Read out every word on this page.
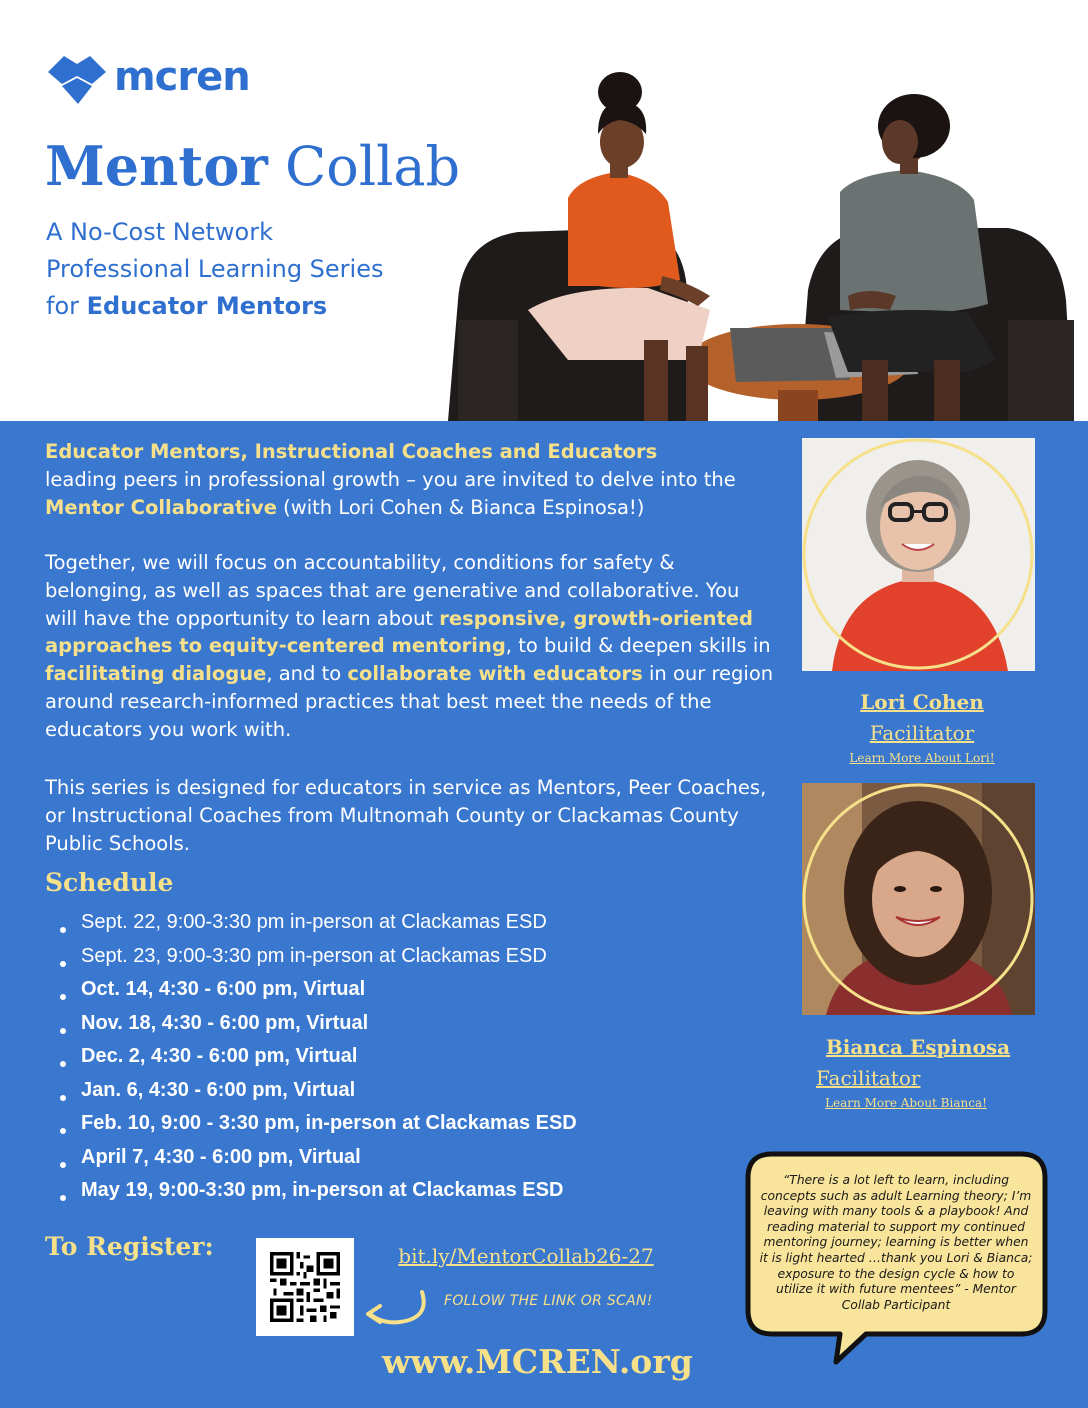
mcren
Mentor Collab
A No-Cost Network
Professional Learning Series
for Educator Mentors
Educator Mentors, Instructional Coaches and Educators
leading peers in professional growth – you are invited to delve into the Mentor Collaborative (with Lori Cohen & Bianca Espinosa!)
Together, we will focus on accountability, conditions for safety & belonging, as well as spaces that are generative and collaborative. You will have the opportunity to learn about responsive, growth-oriented approaches to equity-centered mentoring, to build & deepen skills in facilitating dialogue, and to collaborate with educators in our region around research-informed practices that best meet the needs of the educators you work with.
This series is designed for educators in service as Mentors, Peer Coaches, or Instructional Coaches from Multnomah County or Clackamas County Public Schools.
Schedule
Sept. 22, 9:00-3:30 pm in-person at Clackamas ESD
Sept. 23, 9:00-3:30 pm in-person at Clackamas ESD
Oct. 14, 4:30 - 6:00 pm, Virtual
Nov. 18, 4:30 - 6:00 pm, Virtual
Dec. 2, 4:30 - 6:00 pm, Virtual
Jan. 6, 4:30 - 6:00 pm, Virtual
Feb. 10, 9:00 - 3:30 pm, in-person at Clackamas ESD
April 7, 4:30 - 6:00 pm, Virtual
May 19, 9:00-3:30 pm, in-person at Clackamas ESD
To Register:	bit.ly/MentorCollab26-27
FOLLOW THE LINK OR SCAN!
www.MCREN.org
Lori Cohen
Facilitator
Learn More About Lori!
Bianca Espinosa
Facilitator
Learn More About Bianca!
“There is a lot left to learn, including concepts such as adult Learning theory; I’m leaving with many tools & a playbook! And reading material to support my continued mentoring journey; learning is better when it is light hearted …thank you Lori & Bianca; exposure to the design cycle & how to utilize it with future mentees” - Mentor Collab Participant
